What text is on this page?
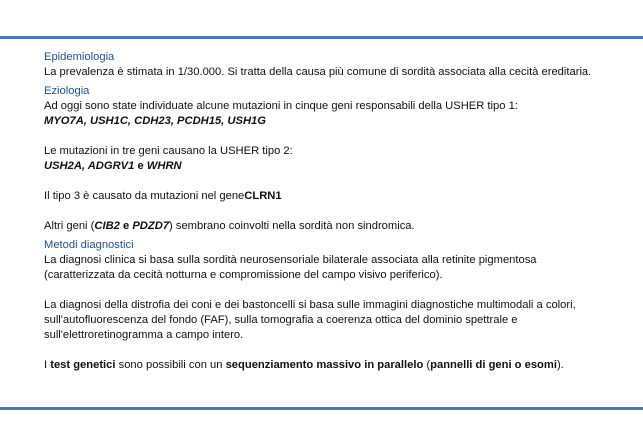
Epidemiologia

La prevalenza è stimata in 1/30.000. Si tratta della causa più comune di sordità associata alla cecità ereditaria.

Eziologia

Ad oggi sono state individuate alcune mutazioni in cinque geni responsabili della USHER tipo 1:

MYO7A, USH1C, CDH23, PCDH15, USH1G

Le mutazioni in tre geni causano la USHER tipo 2:

USH2A, ADGRV1 e WHRN

Il tipo 3 è causato da mutazioni nel geneCLRN1

Altri geni (CIB2 e PDZD7) sembrano coinvolti nella sordità non sindromica.

Metodi diagnostici

La diagnosi clinica si basa sulla sordità neurosensoriale bilaterale associata alla retinite pigmentosa (caratterizzata da cecità notturna e compromissione del campo visivo periferico).

La diagnosi della distrofia dei coni e dei bastoncelli si basa sulle immagini diagnostiche multimodali a colori, sull'autofluorescenza del fondo (FAF), sulla tomografia a coerenza ottica del dominio spettrale e sull'elettroretinogramma a campo intero.

I test genetici sono possibili con un sequenziamento massivo in parallelo (pannelli di geni o esomi).
